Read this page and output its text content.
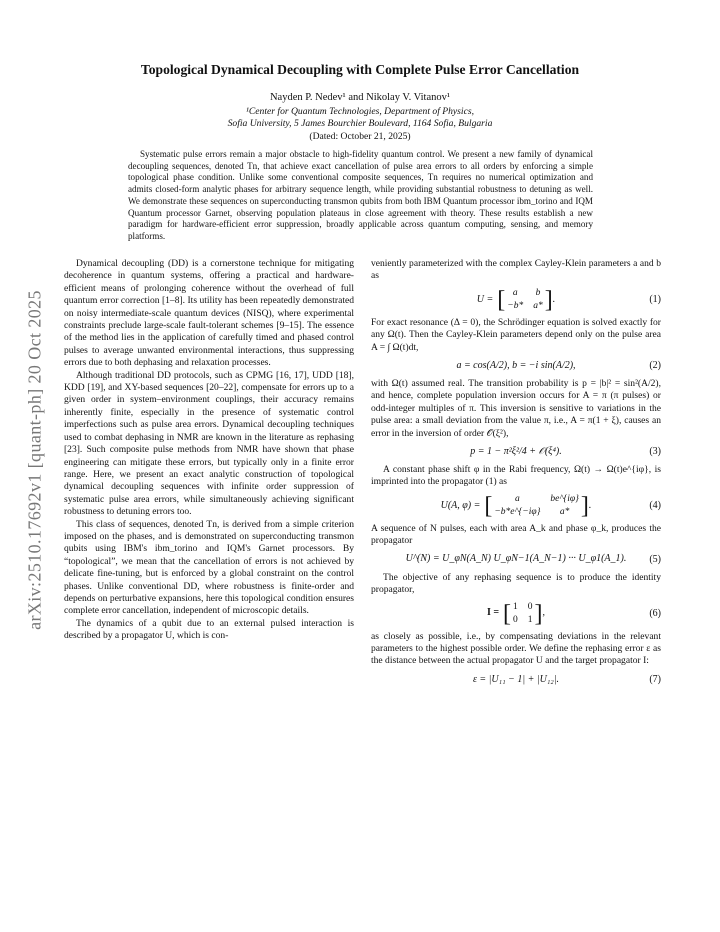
arXiv:2510.17692v1 [quant-ph] 20 Oct 2025
Topological Dynamical Decoupling with Complete Pulse Error Cancellation
Nayden P. Nedev¹ and Nikolay V. Vitanov¹
¹Center for Quantum Technologies, Department of Physics,
Sofia University, 5 James Bourchier Boulevard, 1164 Sofia, Bulgaria
(Dated: October 21, 2025)
Systematic pulse errors remain a major obstacle to high-fidelity quantum control. We present a new family of dynamical decoupling sequences, denoted Tn, that achieve exact cancellation of pulse area errors to all orders by enforcing a simple topological phase condition. Unlike some conventional composite sequences, Tn requires no numerical optimization and admits closed-form analytic phases for arbitrary sequence length, while providing substantial robustness to detuning as well. We demonstrate these sequences on superconducting transmon qubits from both IBM Quantum processor ibm_torino and IQM Quantum processor Garnet, observing population plateaus in close agreement with theory. These results establish a new paradigm for hardware-efficient error suppression, broadly applicable across quantum computing, sensing, and memory platforms.

Dynamical decoupling (DD) is a cornerstone technique for mitigating decoherence in quantum systems, offering a practical and hardware-efficient means of prolonging coherence without the overhead of full quantum error correction [1–8]. Its utility has been repeatedly demonstrated on noisy intermediate-scale quantum devices (NISQ), where experimental constraints preclude large-scale fault-tolerant schemes [9–15]. The essence of the method lies in the application of carefully timed and phased control pulses to average unwanted environmental interactions, thus suppressing errors due to both dephasing and relaxation processes.

Although traditional DD protocols, such as CPMG [16, 17], UDD [18], KDD [19], and XY-based sequences [20–22], compensate for errors up to a given order in system–environment couplings, their accuracy remains inherently finite, especially in the presence of systematic control imperfections such as pulse area errors. Dynamical decoupling techniques used to combat dephasing in NMR are known in the literature as rephasing [23]. Such composite pulse methods from NMR have shown that phase engineering can mitigate these errors, but typically only in a finite error range. Here, we present an exact analytic construction of topological dynamical decoupling sequences with infinite order suppression of systematic pulse area errors, while simultaneously achieving significant robustness to detuning errors too.

This class of sequences, denoted Tn, is derived from a simple criterion imposed on the phases, and is demonstrated on superconducting transmon qubits using IBM's ibm_torino and IQM's Garnet processors. By “topological”, we mean that the cancellation of errors is not achieved by delicate fine-tuning, but is enforced by a global constraint on the control phases. Unlike conventional DD, where robustness is finite-order and depends on perturbative expansions, here this topological condition ensures complete error cancellation, independent of microscopic details.

The dynamics of a qubit due to an external pulsed interaction is described by a propagator U, which is con-

veniently parameterized with the complex Cayley-Klein parameters a and b as

U = [ a	b
−b* a* ] .	(1)

For exact resonance (Δ = 0), the Schrödinger equation is solved exactly for any Ω(t). Then the Cayley-Klein parameters depend only on the pulse area A = ∫ Ω(t)dt,

a = cos(A/2), b = −i sin(A/2),	(2)

with Ω(t) assumed real. The transition probability is p = |b|² = sin²(A/2), and hence, complete population inversion occurs for A = π (π pulses) or odd-integer multiples of π. This inversion is sensitive to variations in the pulse area: a small deviation from the value π, i.e., A = π(1 + ξ), causes an error in the inversion of order 𝒪(ξ²),

p = 1 − π²ξ²/4 + 𝒪(ξ⁴).	(3)

A constant phase shift φ in the Rabi frequency, Ω(t) → Ω(t)e^{iφ}, is imprinted into the propagator (1) as

U(A, φ) = [	a	be^{iφ}
−b*e^{−iφ}	a* ] .	(4)

A sequence of N pulses, each with area A_k and phase φ_k, produces the propagator

U^(N) = U_φN(A_N) U_φN−1(A_N−1) ··· U_φ1(A_1). (5)

The objective of any rephasing sequence is to produce the identity propagator,

I = [ 1 0
0 1 ] ,	(6)

as closely as possible, i.e., by compensating deviations in the relevant parameters to the highest possible order. We define the rephasing error ε as the distance between the actual propagator U and the target propagator I:

ε = |U₁₁ − 1| + |U₁₂|.	(7)
